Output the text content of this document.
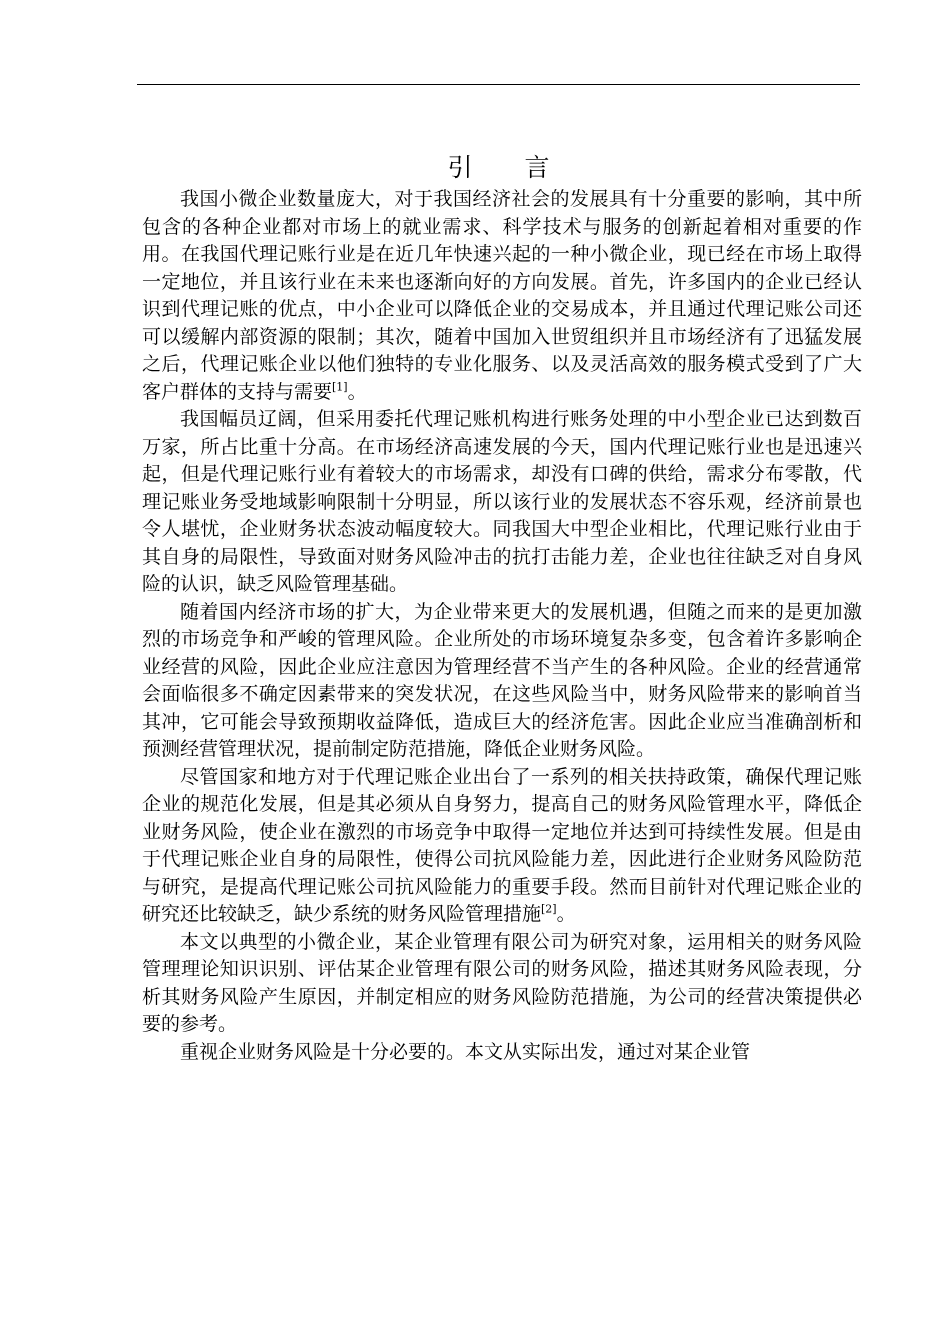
引 言

我国小微企业数量庞大，对于我国经济社会的发展具有十分重要的影响，其中所包含的各种企业都对市场上的就业需求、科学技术与服务的创新起着相对重要的作用。在我国代理记账行业是在近几年快速兴起的一种小微企业，现已经在市场上取得一定地位，并且该行业在未来也逐渐向好的方向发展。首先，许多国内的企业已经认识到代理记账的优点，中小企业可以降低企业的交易成本，并且通过代理记账公司还可以缓解内部资源的限制；其次，随着中国加入世贸组织并且市场经济有了迅猛发展之后，代理记账企业以他们独特的专业化服务、以及灵活高效的服务模式受到了广大客户群体的支持与需要[1]。

我国幅员辽阔，但采用委托代理记账机构进行账务处理的中小型企业已达到数百万家，所占比重十分高。在市场经济高速发展的今天，国内代理记账行业也是迅速兴起，但是代理记账行业有着较大的市场需求，却没有口碑的供给，需求分布零散，代理记账业务受地域影响限制十分明显，所以该行业的发展状态不容乐观，经济前景也令人堪忧，企业财务状态波动幅度较大。同我国大中型企业相比，代理记账行业由于其自身的局限性，导致面对财务风险冲击的抗打击能力差，企业也往往缺乏对自身风险的认识，缺乏风险管理基础。

随着国内经济市场的扩大，为企业带来更大的发展机遇，但随之而来的是更加激烈的市场竞争和严峻的管理风险。企业所处的市场环境复杂多变，包含着许多影响企业经营的风险，因此企业应注意因为管理经营不当产生的各种风险。企业的经营通常会面临很多不确定因素带来的突发状况，在这些风险当中，财务风险带来的影响首当其冲，它可能会导致预期收益降低，造成巨大的经济危害。因此企业应当准确剖析和预测经营管理状况，提前制定防范措施，降低企业财务风险。

尽管国家和地方对于代理记账企业出台了一系列的相关扶持政策，确保代理记账企业的规范化发展，但是其必须从自身努力，提高自己的财务风险管理水平，降低企业财务风险，使企业在激烈的市场竞争中取得一定地位并达到可持续性发展。但是由于代理记账企业自身的局限性，使得公司抗风险能力差，因此进行企业财务风险防范与研究，是提高代理记账公司抗风险能力的重要手段。然而目前针对代理记账企业的研究还比较缺乏，缺少系统的财务风险管理措施[2]。

本文以典型的小微企业，某企业管理有限公司为研究对象，运用相关的财务风险管理理论知识识别、评估某企业管理有限公司的财务风险，描述其财务风险表现，分析其财务风险产生原因，并制定相应的财务风险防范措施，为公司的经营决策提供必要的参考。

重视企业财务风险是十分必要的。本文从实际出发，通过对某企业管
